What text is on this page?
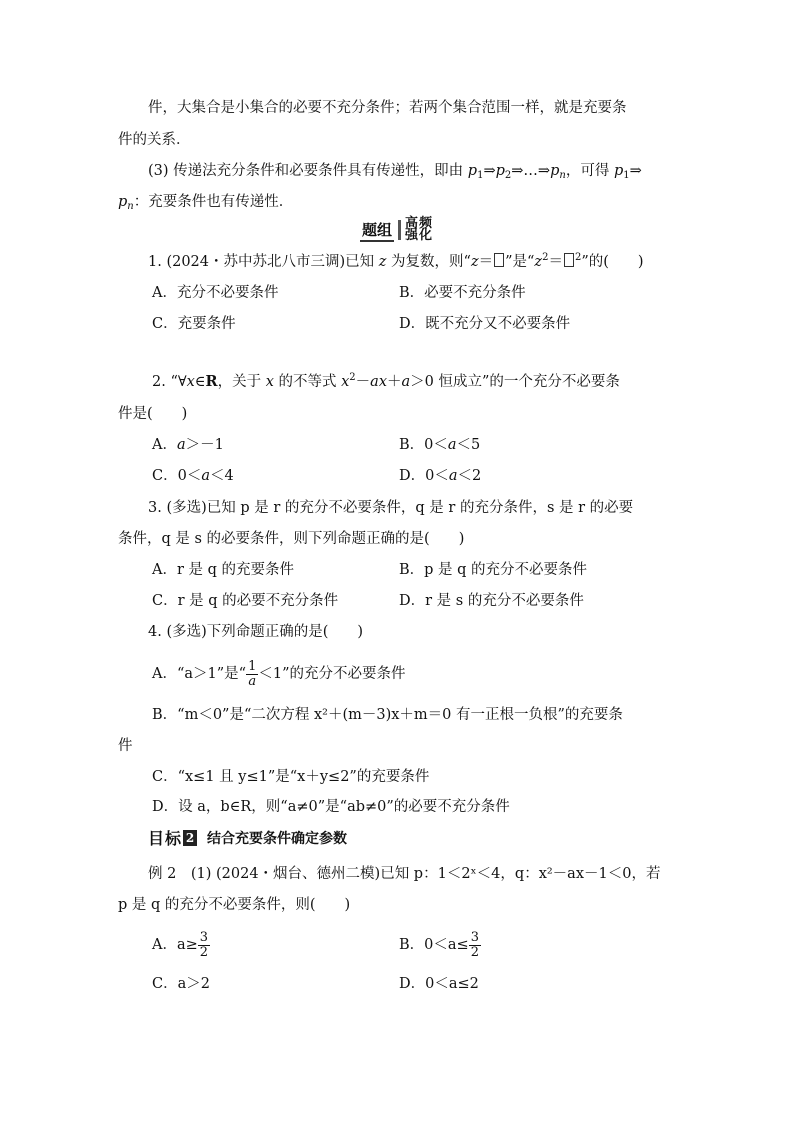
件，大集合是小集合的必要不充分条件；若两个集合范围一样，就是充要条
件的关系．
(3) 传递法充分条件和必要条件具有传递性，即由 $p_1\Rightarrow p_2\Rightarrow\dots\Rightarrow p_n$，可得 $p_1\Rightarrow$
$p_n$：充要条件也有传递性．
题组 高频
强化
1. (2024・苏中苏北八市三调)已知 z 为复数，则“z＝ ”是“$z^2= ^2$”的(　　)
A．充分不必要条件	B．必要不充分条件
C．充要条件	D．既不充分又不必要条件
2. “∀x∈R，关于 x 的不等式 $x^2-ax+a>0$ 恒成立”的一个充分不必要条
件是(　　)
A．a＞－1	B．0＜a＜5
C．0＜a＜4	D．0＜a＜2
3. (多选)已知 p 是 r 的充分不必要条件，q 是 r 的充分条件，s 是 r 的必要
条件，q 是 s 的必要条件，则下列命题正确的是(　　)
A．r 是 q 的充要条件	B．p 是 q 的充分不必要条件
C．r 是 q 的必要不充分条件	D．r 是 s 的充分不必要条件
4. (多选)下列命题正确的是(　　)
A．“a＞1”是“ $\frac{1}{a} <1$”的充分不必要条件
B．“m＜0”是“二次方程 x²＋(m－3)x＋m＝0 有一正根一负根”的充要条
件
C．“x≤1 且 y≤1”是“x＋y≤2”的充要条件
D．设 a，b∈R，则“a≠0”是“ab≠0”的必要不充分条件
目标 2 结合充要条件确定参数
例 2　(1) (2024・烟台、德州二模)已知 p：1＜2ˣ＜4，q：x²－ax－1＜0，若
p 是 q 的充分不必要条件，则(　　)
A．$a\ge \frac{3}{2}$	B．$0<a\le \frac{3}{2}$
C．a＞2	D．0＜a≤2
